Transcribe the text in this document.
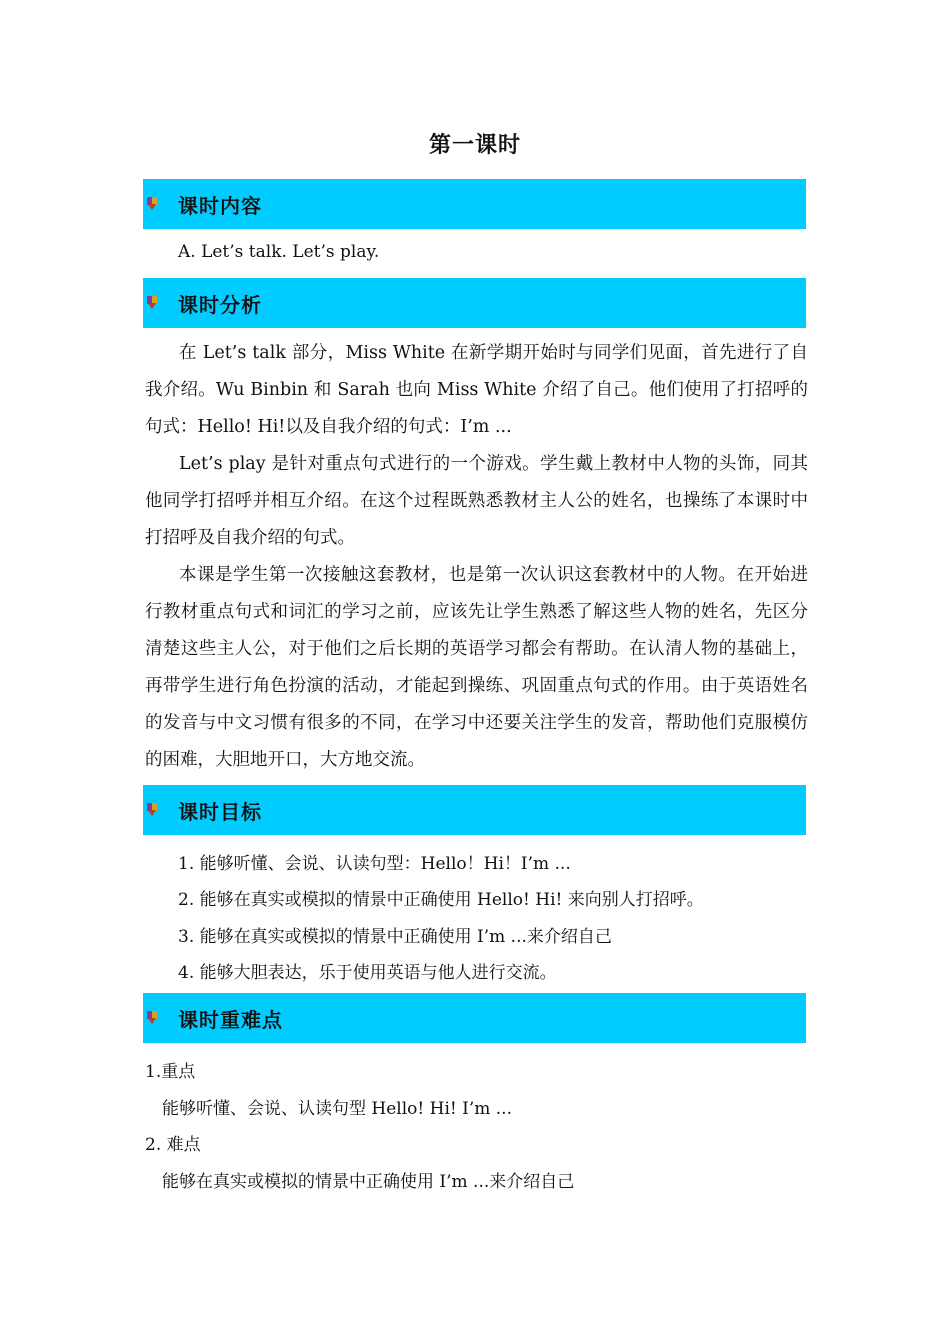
第一课时
课时内容
A. Let’s talk. Let’s play.
课时分析

在 Let’s talk 部分，Miss White 在新学期开始时与同学们见面，首先进行了自我介绍。Wu Binbin 和 Sarah 也向 Miss White 介绍了自己。他们使用了打招呼的句式：Hello! Hi!以及自我介绍的句式：I’m ...

Let’s play 是针对重点句式进行的一个游戏。学生戴上教材中人物的头饰，同其他同学打招呼并相互介绍。在这个过程既熟悉教材主人公的姓名，也操练了本课时中打招呼及自我介绍的句式。

本课是学生第一次接触这套教材，也是第一次认识这套教材中的人物。在开始进行教材重点句式和词汇的学习之前，应该先让学生熟悉了解这些人物的姓名，先区分清楚这些主人公，对于他们之后长期的英语学习都会有帮助。在认清人物的基础上，再带学生进行角色扮演的活动，才能起到操练、巩固重点句式的作用。由于英语姓名的发音与中文习惯有很多的不同，在学习中还要关注学生的发音，帮助他们克服模仿的困难，大胆地开口，大方地交流。

课时目标
1. 能够听懂、会说、认读句型：Hello！Hi！I’m ...
2. 能够在真实或模拟的情景中正确使用 Hello! Hi! 来向别人打招呼。
3. 能够在真实或模拟的情景中正确使用 I’m ...来介绍自己
4. 能够大胆表达，乐于使用英语与他人进行交流。
课时重难点
1.重点
能够听懂、会说、认读句型 Hello! Hi! I’m ...
2. 难点
能够在真实或模拟的情景中正确使用 I’m ...来介绍自己
